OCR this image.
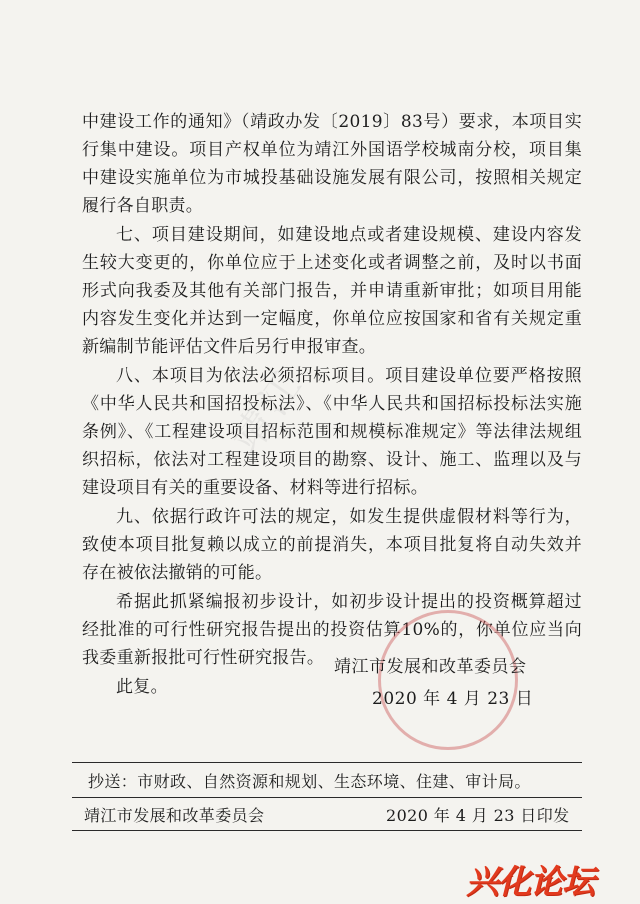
靖江

中建设工作的通知》（靖政办发〔2019〕83号）要求，本项目实行集中建设。项目产权单位为靖江外国语学校城南分校，项目集中建设实施单位为市城投基础设施发展有限公司，按照相关规定履行各自职责。

七、项目建设期间，如建设地点或者建设规模、建设内容发生较大变更的，你单位应于上述变化或者调整之前，及时以书面形式向我委及其他有关部门报告，并申请重新审批；如项目用能内容发生变化并达到一定幅度，你单位应按国家和省有关规定重新编制节能评估文件后另行申报审查。

八、本项目为依法必须招标项目。项目建设单位要严格按照《中华人民共和国招投标法》、《中华人民共和国招标投标法实施条例》、《工程建设项目招标范围和规模标准规定》等法律法规组织招标，依法对工程建设项目的勘察、设计、施工、监理以及与建设项目有关的重要设备、材料等进行招标。

九、依据行政许可法的规定，如发生提供虚假材料等行为，致使本项目批复赖以成立的前提消失，本项目批复将自动失效并存在被依法撤销的可能。

希据此抓紧编报初步设计，如初步设计提出的投资概算超过经批准的可行性研究报告提出的投资估算10%的，你单位应当向我委重新报批可行性研究报告。

此复。

靖江市发展和改革委员会
2020 年 4 月 23 日
抄送：市财政、自然资源和规划、生态环境、住建、审计局。
靖江市发展和改革委员会	2020 年 4 月 23 日印发
兴化论坛
